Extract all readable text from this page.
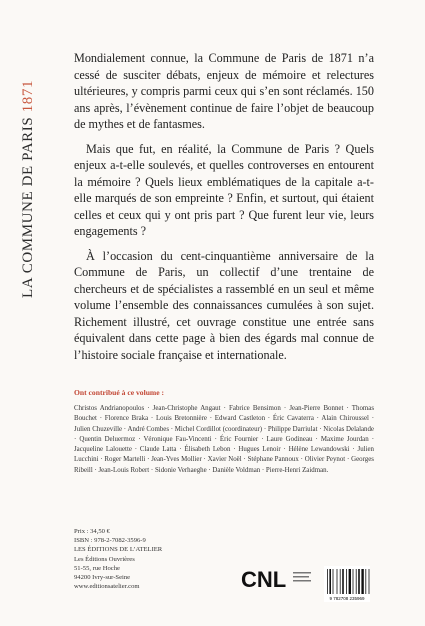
LA COMMUNE DE PARIS 1871

Mondialement connue, la Commune de Paris de 1871 n’a cessé de susciter débats, enjeux de mémoire et relectures ultérieures, y compris parmi ceux qui s’en sont réclamés. 150 ans après, l’évènement continue de faire l’objet de beaucoup de mythes et de fantasmes.

Mais que fut, en réalité, la Commune de Paris ? Quels enjeux a-t-elle soulevés, et quelles controverses en entourent la mémoire ? Quels lieux emblématiques de la capitale a-t-elle marqués de son empreinte ? Enfin, et surtout, qui étaient celles et ceux qui y ont pris part ? Que furent leur vie, leurs engagements ?

À l’occasion du cent-cinquantième anniversaire de la Commune de Paris, un collectif d’une trentaine de chercheurs et de spécialistes a rassemblé en un seul et même volume l’ensemble des connaissances cumulées à son sujet. Richement illustré, cet ouvrage constitue une entrée sans équivalent dans cette page à bien des égards mal connue de l’histoire sociale française et internationale.

Ont contribué à ce volume :
Christos Andrianopoulos · Jean-Christophe Angaut · Fabrice Bensimon · Jean-Pierre Bonnet · Thomas Bouchet · Florence Braka · Louis Bretonnière · Edward Castleton · Éric Cavaterra · Alain Chiroussel · Julien Chuzeville · André Combes · Michel Cordillot (coordinateur) · Philippe Darriulat · Nicolas Delalande · Quentin Deluermoz · Véronique Fau-Vincenti · Éric Fournier · Laure Godineau · Maxime Jourdan · Jacqueline Lalouette · Claude Latta · Élisabeth Lebon · Hugues Lenoir · Hélène Lewandowski · Julien Lucchini · Roger Martelli · Jean-Yves Mollier · Xavier Noël · Stéphane Pannoux · Olivier Peynot · Georges Ribeill · Jean-Louis Robert · Sidonie Verhaeghe · Danièle Voldman · Pierre-Henri Zaidman.
Prix : 34,50 €
ISBN : 978-2-7082-3596-9
LES ÉDITIONS DE L’ATELIER
Les Éditions Ouvrières
51-55, rue Hoche
94200 Ivry-sur-Seine
www.editionsatelier.com	CNL
9 782708 235969
